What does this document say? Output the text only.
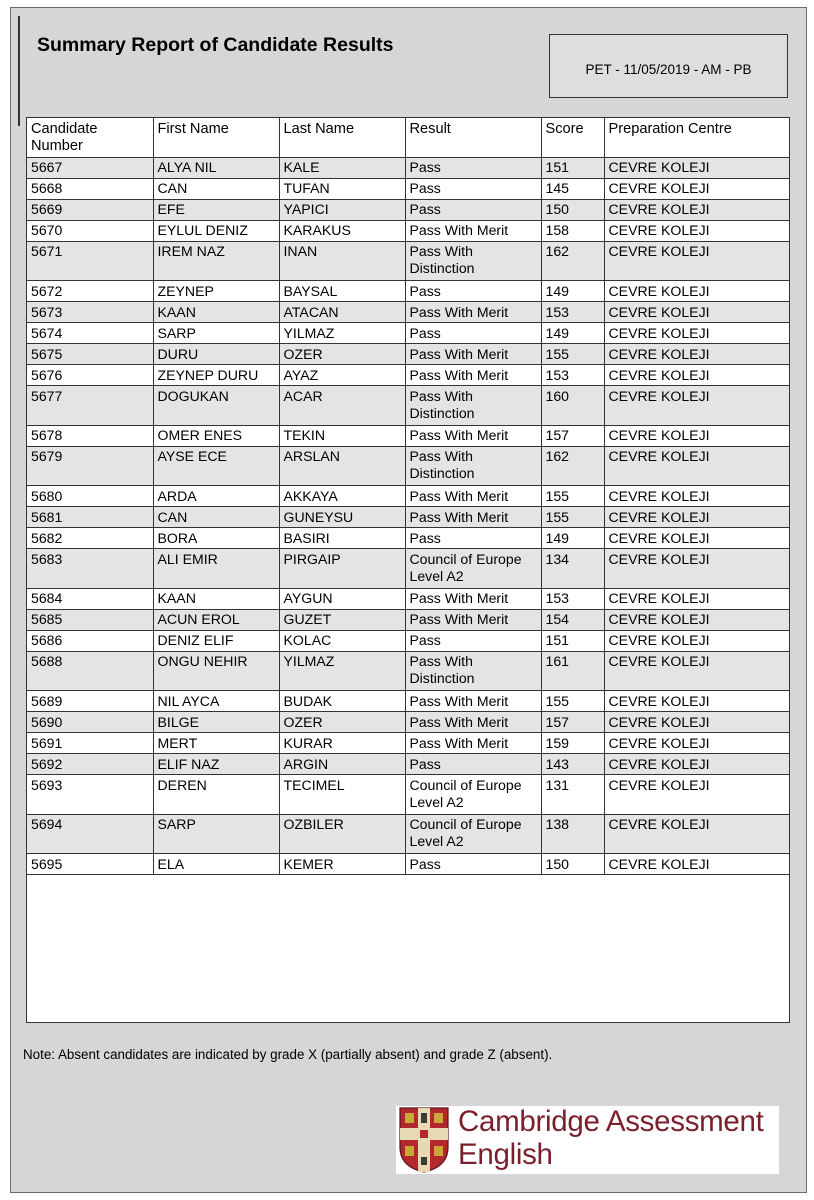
Summary Report of Candidate Results
PET - 11/05/2019 - AM - PB
Candidate Number	First Name	Last Name	Result	Score	Preparation Centre
5667	ALYA NIL	KALE	Pass	151	CEVRE KOLEJI
5668	CAN	TUFAN	Pass	145	CEVRE KOLEJI
5669	EFE	YAPICI	Pass	150	CEVRE KOLEJI
5670	EYLUL DENIZ	KARAKUS	Pass With Merit	158	CEVRE KOLEJI
5671	IREM NAZ	INAN	Pass With Distinction	162	CEVRE KOLEJI
5672	ZEYNEP	BAYSAL	Pass	149	CEVRE KOLEJI
5673	KAAN	ATACAN	Pass With Merit	153	CEVRE KOLEJI
5674	SARP	YILMAZ	Pass	149	CEVRE KOLEJI
5675	DURU	OZER	Pass With Merit	155	CEVRE KOLEJI
5676	ZEYNEP DURU	AYAZ	Pass With Merit	153	CEVRE KOLEJI
5677	DOGUKAN	ACAR	Pass With Distinction	160	CEVRE KOLEJI
5678	OMER ENES	TEKIN	Pass With Merit	157	CEVRE KOLEJI
5679	AYSE ECE	ARSLAN	Pass With Distinction	162	CEVRE KOLEJI
5680	ARDA	AKKAYA	Pass With Merit	155	CEVRE KOLEJI
5681	CAN	GUNEYSU	Pass With Merit	155	CEVRE KOLEJI
5682	BORA	BASIRI	Pass	149	CEVRE KOLEJI
5683	ALI EMIR	PIRGAIP	Council of Europe Level A2	134	CEVRE KOLEJI
5684	KAAN	AYGUN	Pass With Merit	153	CEVRE KOLEJI
5685	ACUN EROL	GUZET	Pass With Merit	154	CEVRE KOLEJI
5686	DENIZ ELIF	KOLAC	Pass	151	CEVRE KOLEJI
5688	ONGU NEHIR	YILMAZ	Pass With Distinction	161	CEVRE KOLEJI
5689	NIL AYCA	BUDAK	Pass With Merit	155	CEVRE KOLEJI
5690	BILGE	OZER	Pass With Merit	157	CEVRE KOLEJI
5691	MERT	KURAR	Pass With Merit	159	CEVRE KOLEJI
5692	ELIF NAZ	ARGIN	Pass	143	CEVRE KOLEJI
5693	DEREN	TECIMEL	Council of Europe Level A2	131	CEVRE KOLEJI
5694	SARP	OZBILER	Council of Europe Level A2	138	CEVRE KOLEJI
5695	ELA	KEMER	Pass	150	CEVRE KOLEJI
Note: Absent candidates are indicated by grade X (partially absent) and grade Z (absent).
Cambridge Assessment
English
